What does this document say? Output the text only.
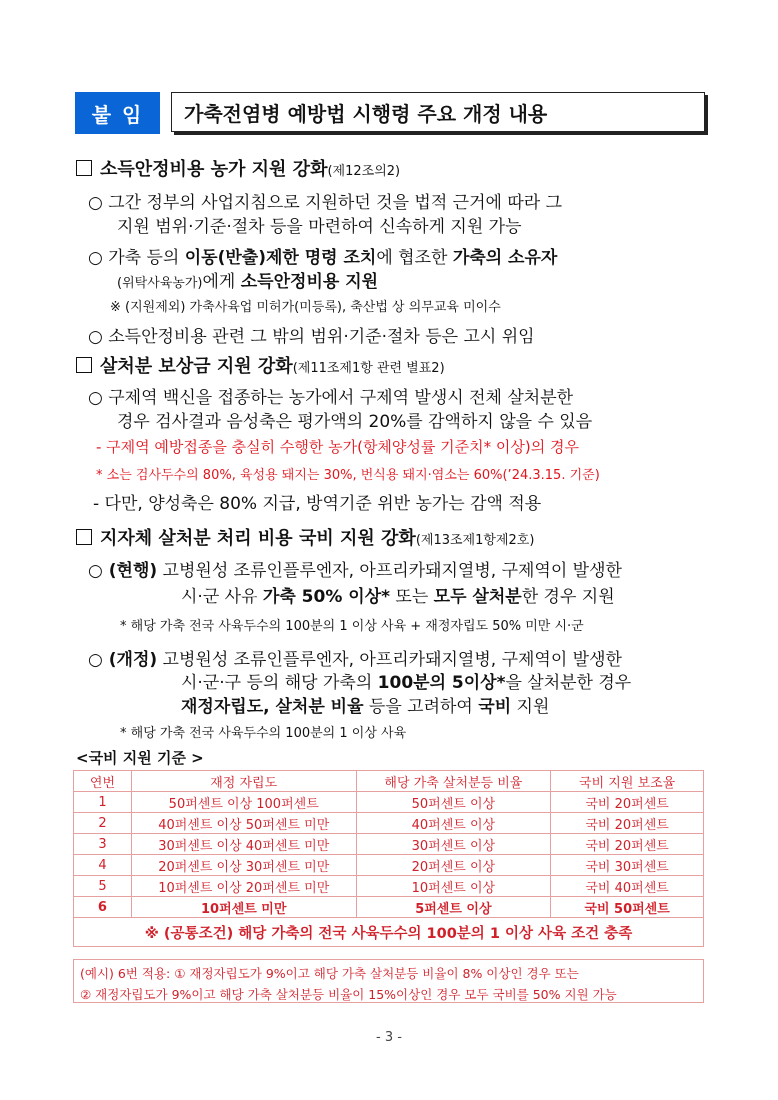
붙 임	가축전염병 예방법 시행령 주요 개정 내용
소득안정비용 농가 지원 강화(제12조의2)
○ 그간 정부의 사업지침으로 지원하던 것을 법적 근거에 따라 그
지원 범위·기준·절차 등을 마련하여 신속하게 지원 가능
○ 가축 등의 이동(반출)제한 명령 조치에 협조한 가축의 소유자
(위탁사육농가)에게 소득안정비용 지원
※ (지원제외) 가축사육업 미허가(미등록), 축산법 상 의무교육 미이수
○ 소득안정비용 관련 그 밖의 범위·기준·절차 등은 고시 위임
살처분 보상금 지원 강화(제11조제1항 관련 별표2)
○ 구제역 백신을 접종하는 농가에서 구제역 발생시 전체 살처분한
경우 검사결과 음성축은 평가액의 20%를 감액하지 않을 수 있음
- 구제역 예방접종을 충실히 수행한 농가(항체양성률 기준치* 이상)의 경우
* 소는 검사두수의 80%, 육성용 돼지는 30%, 번식용 돼지·염소는 60%(’24.3.15. 기준)
- 다만, 양성축은 80% 지급, 방역기준 위반 농가는 감액 적용
지자체 살처분 처리 비용 국비 지원 강화(제13조제1항제2호)
○ (현행) 고병원성 조류인플루엔자, 아프리카돼지열병, 구제역이 발생한
시·군 사유 가축 50% 이상* 또는 모두 살처분한 경우 지원
* 해당 가축 전국 사육두수의 100분의 1 이상 사육 + 재정자립도 50% 미만 시·군
○ (개정) 고병원성 조류인플루엔자, 아프리카돼지열병, 구제역이 발생한
시·군·구 등의 해당 가축의 100분의 5이상*을 살처분한 경우
재정자립도, 살처분 비율 등을 고려하여 국비 지원
* 해당 가축 전국 사육두수의 100분의 1 이상 사육
<국비 지원 기준 >
연번	재정 자립도	해당 가축 살처분등 비율	국비 지원 보조율
1	50퍼센트 이상 100퍼센트	50퍼센트 이상	국비 20퍼센트
2	40퍼센트 이상 50퍼센트 미만	40퍼센트 이상	국비 20퍼센트
3	30퍼센트 이상 40퍼센트 미만	30퍼센트 이상	국비 20퍼센트
4	20퍼센트 이상 30퍼센트 미만	20퍼센트 이상	국비 30퍼센트
5	10퍼센트 이상 20퍼센트 미만	10퍼센트 이상	국비 40퍼센트
6	10퍼센트 미만	5퍼센트 이상	국비 50퍼센트
※ (공통조건) 해당 가축의 전국 사육두수의 100분의 1 이상 사육 조건 충족			
(예시) 6번 적용: ① 재정자립도가 9%이고 해당 가축 살처분등 비율이 8% 이상인 경우 또는
② 재정자립도가 9%이고 해당 가축 살처분등 비율이 15%이상인 경우 모두 국비를 50% 지원 가능
- 3 -
